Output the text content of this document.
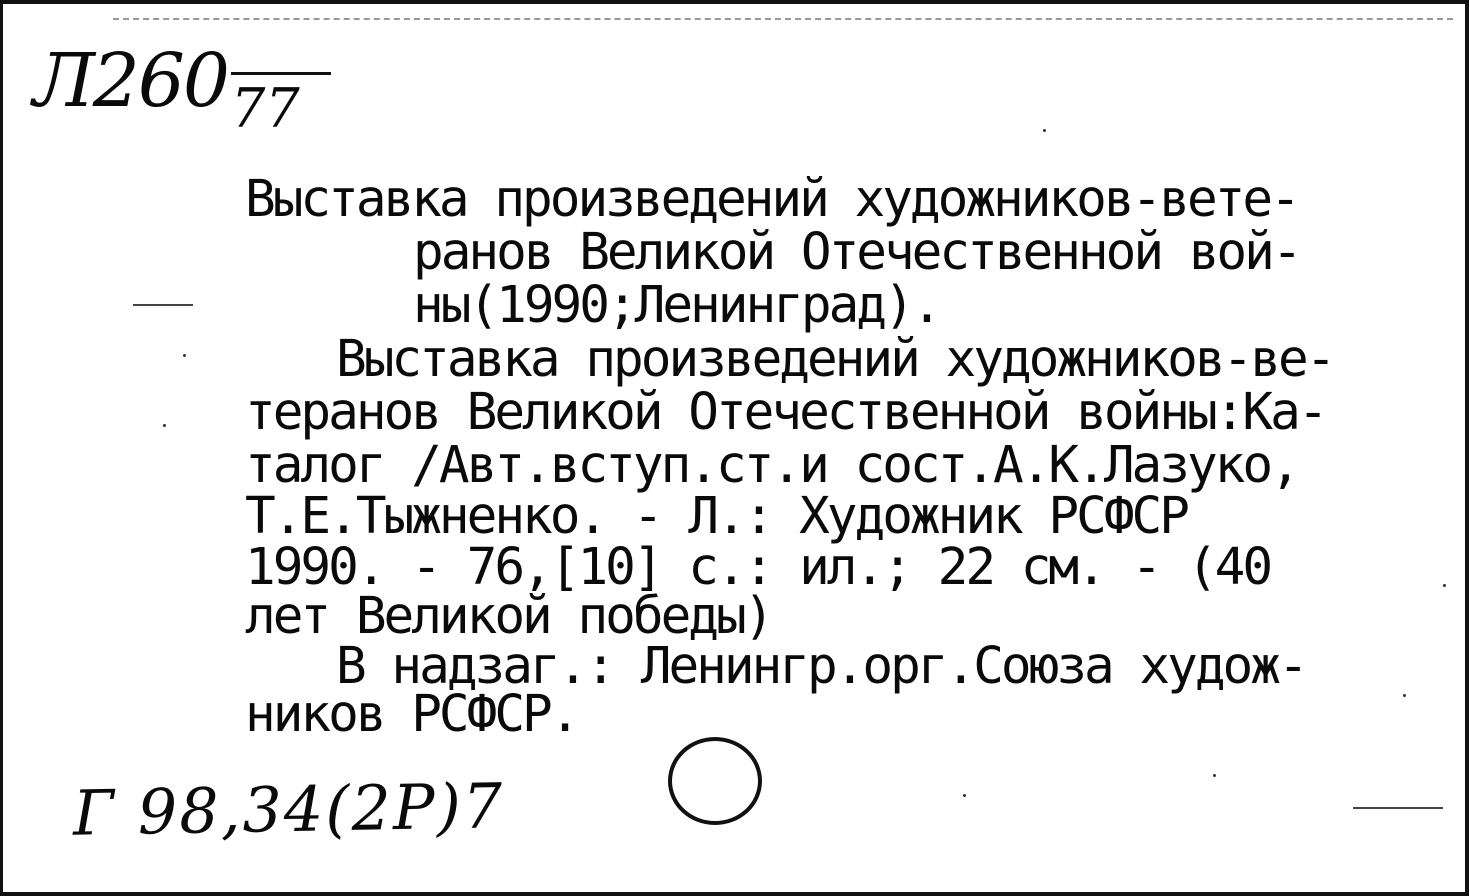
Л260 77
Выставка произведений художников-вете-
ранов Великой Отечественной вой-
ны(1990;Ленинград).
Выставка произведений художников-ве-
теранов Великой Отечественной войны:Ка-
талог /Авт.вступ.ст.и сост.А.К.Лазуко,
Т.Е.Тыжненко. - Л.: Художник РСФСР
1990. - 76,[10] с.: ил.; 22 см. - (40
лет Великой победы)
В надзаг.: Ленингр.орг.Союза худож-
ников РСФСР.
Г 98,34(2Р)7
